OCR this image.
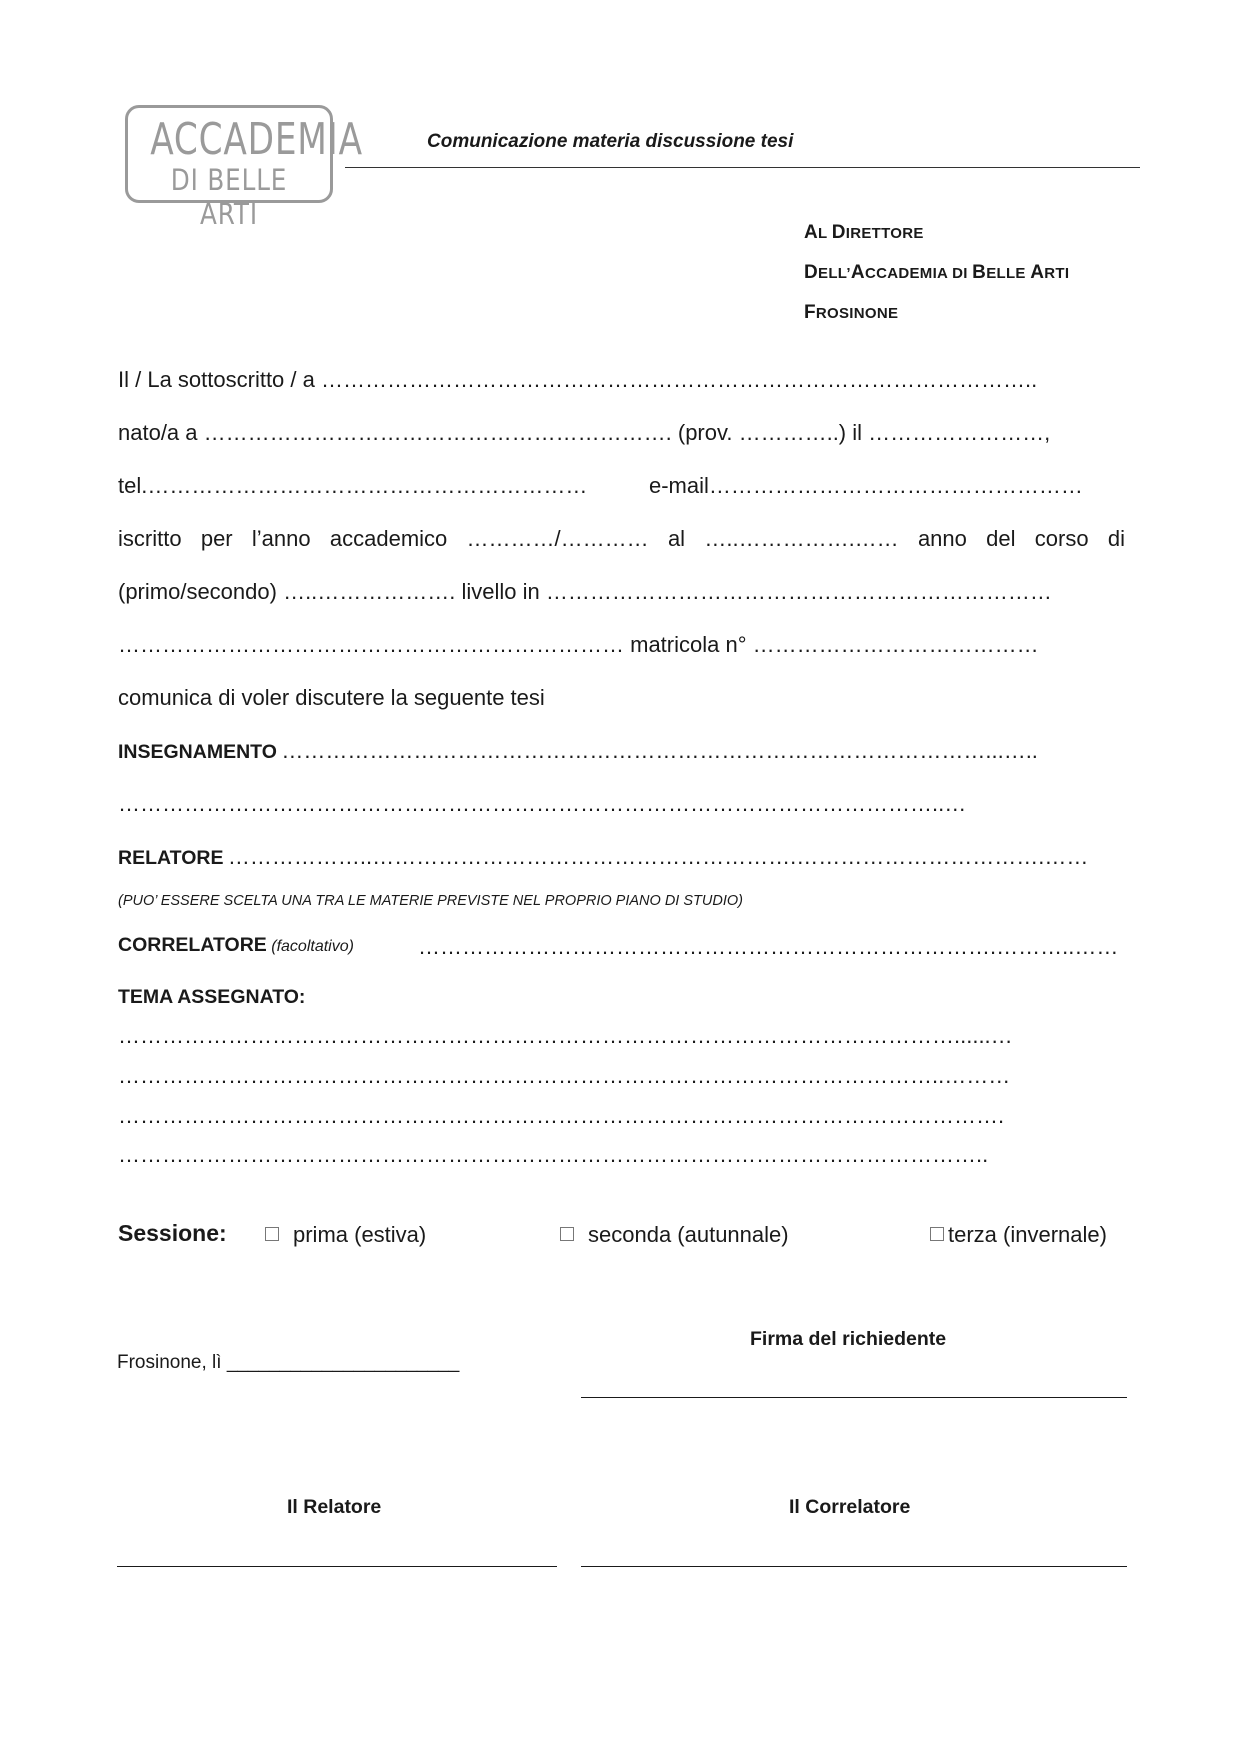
ACCADEMIA
DI BELLE ARTI
Comunicazione materia discussione tesi
AL DIRETTORE
DELL’ACCADEMIA DI BELLE ARTI
FROSINONE
Il / La sottoscritto / a ……………………………………………………………………………………..
nato/a a ………………………………………………………. (prov. …………..) il ……………………,
tel.……………………………………………………	e-mail……………………………………………
iscritto per l’anno accademico …………/………… al …..…………….…… anno del corso di
(primo/secondo) …..………………. livello in ……………………………………………………………
…………………………………………………………… matricola n° …………………………………
comunica di voler discutere la seguente tesi
INSEGNAMENTO ……………………………………………………………………………………...…..
…………………………………………………………………………………………………..…
RELATORE ………………..………………………………………………….…………………………….……
(PUO’ ESSERE SCELTA UNA TRA LE MATERIE PREVISTE NEL PROPRIO PIANO DI STUDIO)
CORRELATORE (facoltativo)	…………………………………………………………………….………..……
TEMA ASSEGNATO:
……………………………………………………………………………………………………......…
…………………………………………………………………………………………………..………
………………………………………………………………………………………………………….
………………………………………………………………………………………………………..
Sessione:	prima (estiva)	seconda (autunnale)	terza (invernale)
Firma del richiedente
Frosinone, lì ______________________
Il Relatore	Il Correlatore
